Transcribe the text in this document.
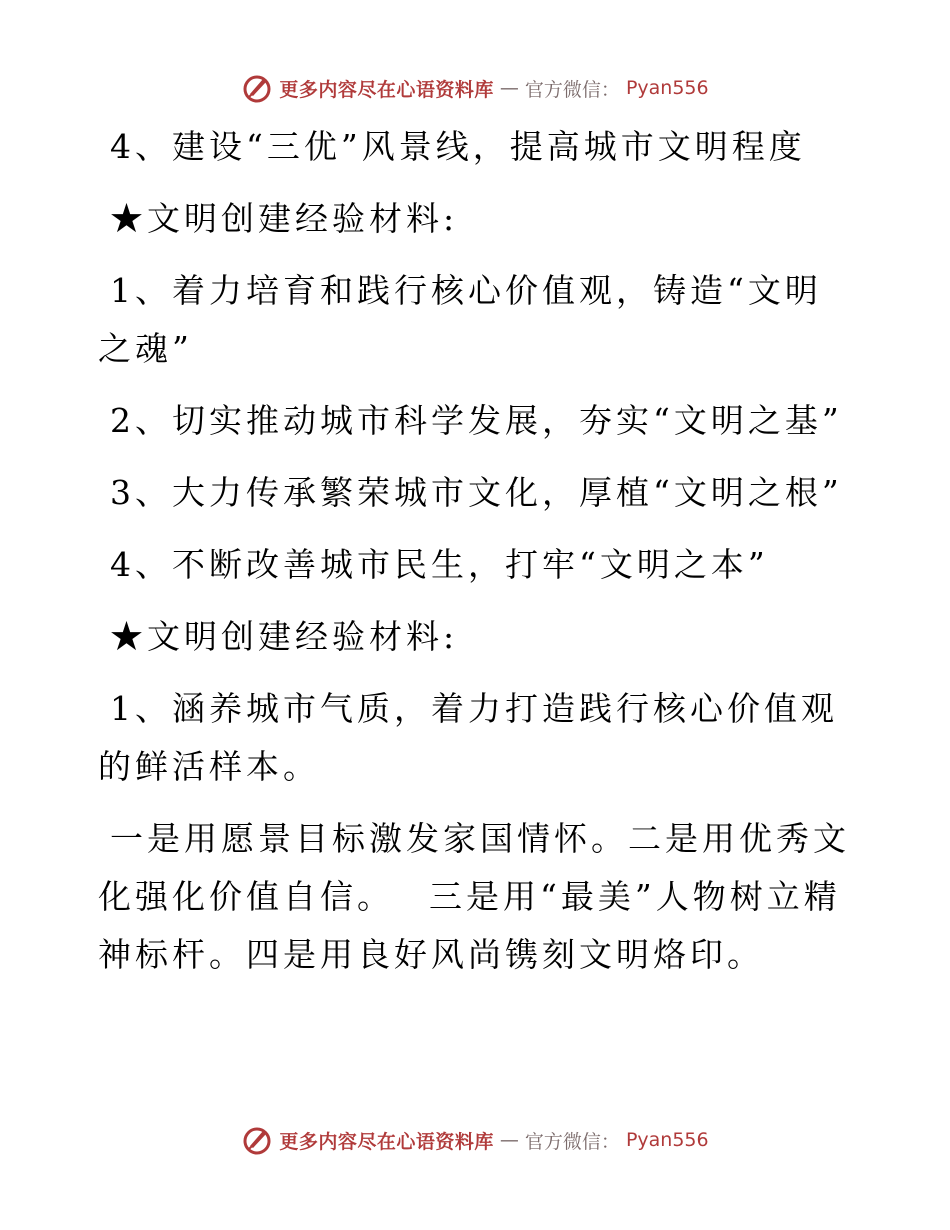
更多内容尽在心语资料库 — 官方微信： Pyan556

4、建设“三优”风景线，提高城市文明程度

★文明创建经验材料:

1、着力培育和践行核心价值观，铸造“文明之魂”

2、切实推动城市科学发展，夯实“文明之基”

3、大力传承繁荣城市文化，厚植“文明之根”

4、不断改善城市民生，打牢“文明之本”

★文明创建经验材料:

1、涵养城市气质，着力打造践行核心价值观的鲜活样本。

一是用愿景目标激发家国情怀。二是用优秀文化强化价值自信。　 三是用“最美”人物树立精神标杆。四是用良好风尚镌刻文明烙印。

更多内容尽在心语资料库 — 官方微信： Pyan556
